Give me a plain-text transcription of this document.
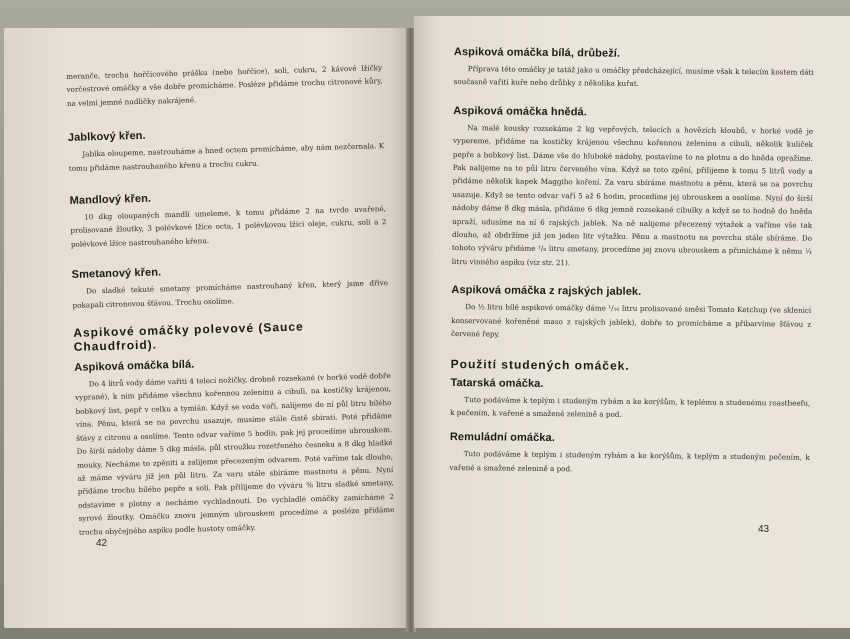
meranče, trochu hořčicového prášku (nebo hořčice), soli, cukru, 2 kávové lžičky vorčestrové omáčky a vše dobře promícháme. Posléze přidáme trochu citronové kůry, na velmi jemné nudličky nakrájené.

Jablkový křen.

Jablka oloupeme, nastrouháme a hned octem promícháme, aby nám nezčernala. K tomu přidáme nastrouhaného křenu a trochu cukru.

Mandlový křen.

10 dkg oloupaných mandlí umeleme, k tomu přidáme 2 na tvrdo uvařené, prolisované žloutky, 3 polévkové lžíce octa, 1 polévkovou lžíci oleje, cukru, soli a 2 polévkové lžíce nastrouhaného křenu.

Smetanový křen.

Do sladké tekuté smetany promícháme nastrouhaný křen, který jsme dříve pokapali citronovou šťávou. Trochu osolíme.

Aspikové omáčky polevové (Sauce Chaudfroid).
Aspiková omáčka bílá.

Do 4 litrů vody dáme vařiti 4 telecí nožičky, drobně rozsekané (v horké vodě dobře vyprané), k nim přidáme všechnu kořennou zeleninu a cibuli, na kostičky krájenou, bobkový list, pepř v celku a tymián. Když se voda vaří, nalijeme do ní půl litru bílého vína. Pěnu, která se na povrchu usazuje, musíme stále čistě sbírati. Poté přidáme šťávy z citronu a osolíme. Tento odvar vaříme 5 hodin, pak jej procedíme ubrouskem. Do širší nádoby dáme 5 dkg másla, půl stroužku rozetřeného česneku a 8 dkg hladké mouky. Necháme to zpěniti a zalijeme přecezeným odvarem. Poté vaříme tak dlouho, až máme výváru již jen půl litru. Za varu stále sbíráme mastnotu a pěnu. Nyní přidáme trochu bílého pepře a soli. Pak přilijeme do výváru ⅜ litru sladké smetany, odstavíme s plotny a necháme vychladnouti. Do vychladlé omáčky zamícháme 2 syrové žloutky. Omáčku znovu jemným ubrouskem procedíme a posléze přidáme trochu obyčejného aspiku podle hustoty omáčky.

42
Aspiková omáčka bílá, drůbeží.

Příprava této omáčky je tatáž jako u omáčky předcházející, musíme však k telecím kostem dáti současně vařiti kuře nebo drůbky z několika kuřat.

Aspiková omáčka hnědá.

Na malé kousky rozsekáme 2 kg vepřových, telecích a hovězích kloubů, v horké vodě je vypereme, přidáme na kostičky krájenou všechnu kořennou zeleninu a cibuli, několik kuliček pepře a bobkový list. Dáme vše do hluboké nádoby, postavíme to na plotnu a do hněda opražíme. Pak nalijeme na to půl litru červeného vína. Když se toto zpění, přilijeme k tomu 5 litrů vody a přidáme několik kapek Maggiho koření. Za varu sbíráme mastnotu a pěnu, která se na povrchu usazuje. Když se tento odvar vaří 5 až 6 hodin, procedíme jej ubrouskem a osolíme. Nyní do širší nádoby dáme 8 dkg másla, přidáme 6 dkg jemně rozsekané cibulky a když se to hodně do hněda upraží, udusíme na ní 6 rajských jablek. Na ně nalijeme přecezený výtažek a vaříme vše tak dlouho, až obdržíme již jen jeden litr výtažku. Pěnu a mastnotu na povrchu stále sbíráme. Do tohoto výváru přidáme ¹/₈ litru smetany, procedíme jej znovu ubrouskem a přimícháme k němu ¼ litru vinného aspiku (viz str. 21).

Aspiková omáčka z rajských jablek.

Do ½ litru bílé aspikové omáčky dáme ¹/₁₆ litru prolisované směsi Tomato Ketchup (ve sklenici konservované kořeněné maso z rajských jablek), dobře to promícháme a přibarvíme šťávou z červené řepy.

Použití studených omáček.
Tatarská omáčka.

Tuto podáváme k teplým i studeným rybám a ke korýšům, k teplému a studenému roastbeefu, k pečením, k vařené a smažené zelenině a pod.

Remuládní omáčka.

Tuto podáváme k teplým i studeným rybám a ke korýšům, k teplým a studeným pečením, k vařené a smažené zelenině a pod.

43
